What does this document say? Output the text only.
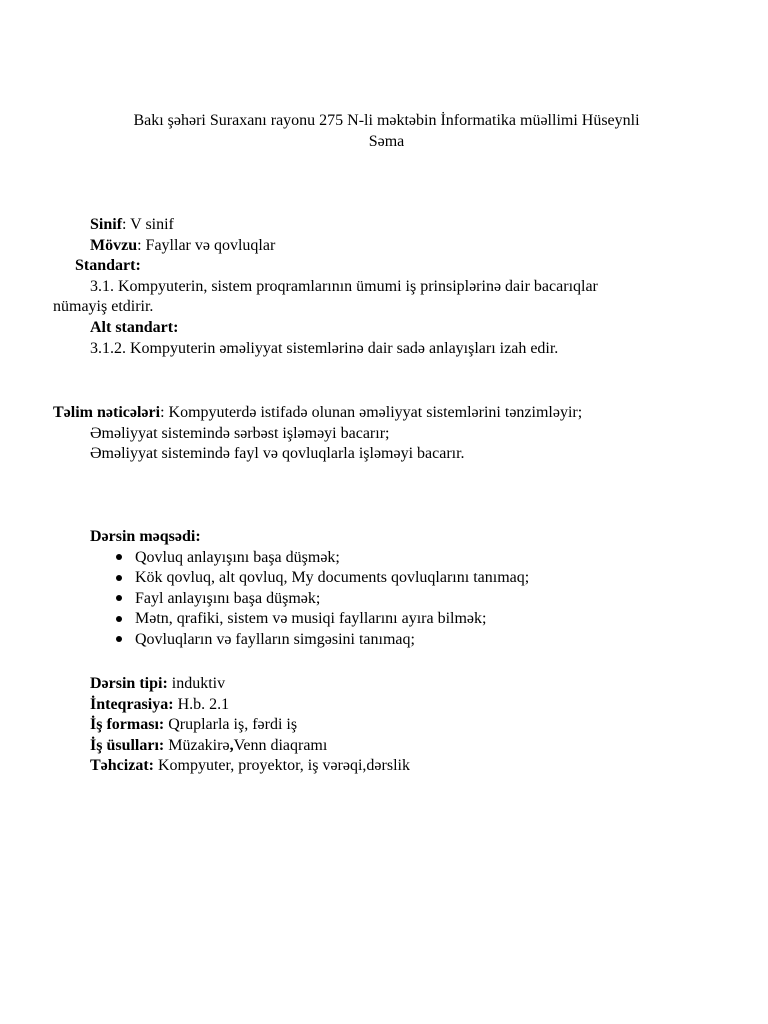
Bakı şəhəri Suraxanı rayonu 275 N-li məktəbin İnformatika müəllimi Hüseynli
Səma
Sinif: V sinif
Mövzu: Fayllar və qovluqlar
Standart:
3.1. Kompyuterin, sistem proqramlarının ümumi iş prinsiplərinə dair bacarıqlar
nümayiş etdirir.
Alt standart:
3.1.2. Kompyuterin əməliyyat sistemlərinə dair sadə anlayışları izah edir.
Təlim nəticələri: Kompyuterdə istifadə olunan əməliyyat sistemlərini tənzimləyir;
Əməliyyat sistemində sərbəst işləməyi bacarır;
Əməliyyat sistemində fayl və qovluqlarla işləməyi bacarır.
Dərsin məqsədi:
Qovluq anlayışını başa düşmək;
Kök qovluq, alt qovluq, My documents qovluqlarını tanımaq;
Fayl anlayışını başa düşmək;
Mətn, qrafiki, sistem və musiqi fayllarını ayıra bilmək;
Qovluqların və faylların simgəsini tanımaq;
Dərsin tipi: induktiv
İnteqrasiya: H.b. 2.1
İş forması: Qruplarla iş, fərdi iş
İş üsulları: Müzakirə,Venn diaqramı
Təhcizat: Kompyuter, proyektor, iş vərəqi,dərslik
